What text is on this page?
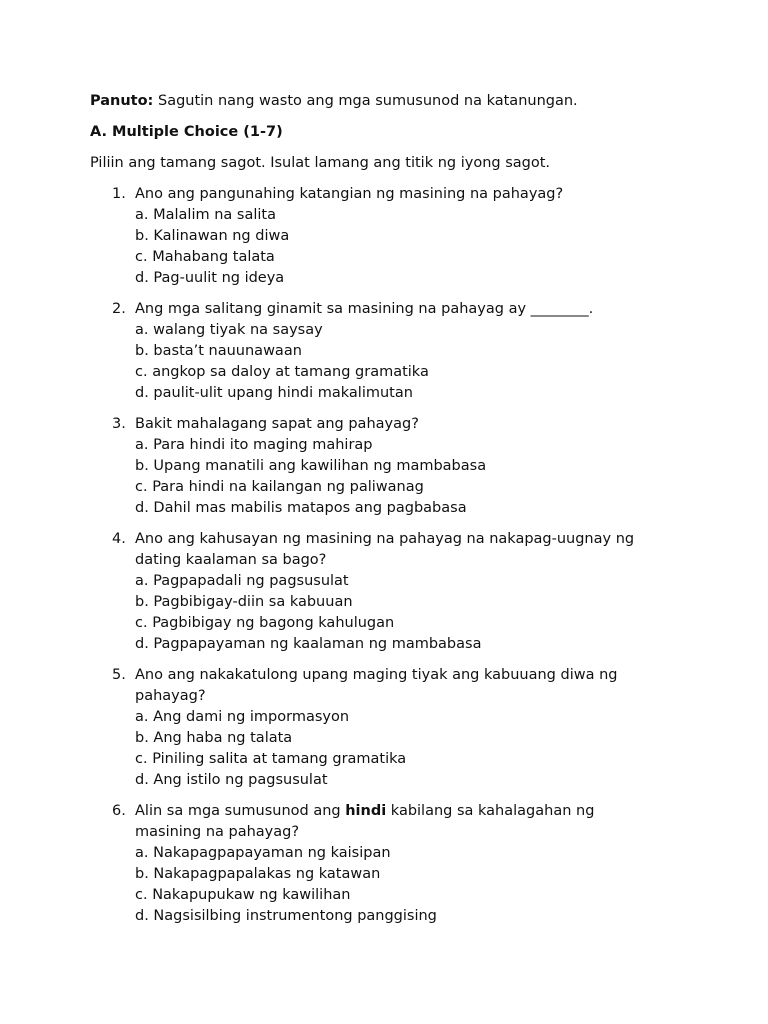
Panuto: Sagutin nang wasto ang mga sumusunod na katanungan.
A. Multiple Choice (1-7)
Piliin ang tamang sagot. Isulat lamang ang titik ng iyong sagot.
1. Ano ang pangunahing katangian ng masining na pahayag?
a. Malalim na salita
b. Kalinawan ng diwa
c. Mahabang talata
d. Pag-uulit ng ideya
2. Ang mga salitang ginamit sa masining na pahayag ay ________.
a. walang tiyak na saysay
b. basta’t nauunawaan
c. angkop sa daloy at tamang gramatika
d. paulit-ulit upang hindi makalimutan
3. Bakit mahalagang sapat ang pahayag?
a. Para hindi ito maging mahirap
b. Upang manatili ang kawilihan ng mambabasa
c. Para hindi na kailangan ng paliwanag
d. Dahil mas mabilis matapos ang pagbabasa
4. Ano ang kahusayan ng masining na pahayag na nakapag-uugnay ng
dating kaalaman sa bago?
a. Pagpapadali ng pagsusulat
b. Pagbibigay-diin sa kabuuan
c. Pagbibigay ng bagong kahulugan
d. Pagpapayaman ng kaalaman ng mambabasa
5. Ano ang nakakatulong upang maging tiyak ang kabuuang diwa ng
pahayag?
a. Ang dami ng impormasyon
b. Ang haba ng talata
c. Piniling salita at tamang gramatika
d. Ang istilo ng pagsusulat
6. Alin sa mga sumusunod ang hindi kabilang sa kahalagahan ng
masining na pahayag?
a. Nakapagpapayaman ng kaisipan
b. Nakapagpapalakas ng katawan
c. Nakapupukaw ng kawilihan
d. Nagsisilbing instrumentong panggising
